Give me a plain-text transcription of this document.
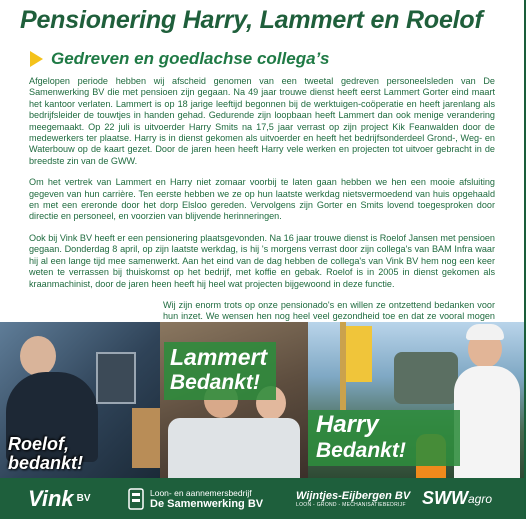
Pensionering Harry, Lammert en Roelof
Gedreven en goedlachse collega’s

Afgelopen periode hebben wij afscheid genomen van een tweetal gedreven personeelsleden van De Samenwerking BV die met pensioen zijn gegaan. Na 49 jaar trouwe dienst heeft eerst Lammert Gorter eind maart het kantoor verlaten. Lammert is op 18 jarige leeftijd begonnen bij de werktuigen-coöperatie en heeft jarenlang als bedrijfsleider de touwtjes in handen gehad. Gedurende zijn loopbaan heeft Lammert dan ook menige verandering meegemaakt. Op 22 juli is uitvoerder Harry Smits na 17,5 jaar verrast op zijn project Kik Feanwalden door de medewerkers ter plaatse. Harry is in dienst gekomen als uitvoerder en heeft het bedrijfsonderdeel Grond-, Weg- en Waterbouw op de kaart gezet. Door de jaren heen heeft Harry vele werken en projecten tot uitvoer gebracht in de breedste zin van de GWW.

Om het vertrek van Lammert en Harry niet zomaar voorbij te laten gaan hebben we hen een mooie afsluiting gegeven van hun carrière. Ten eerste hebben we ze op hun laatste werkdag nietsvermoedend van huis opgehaald en met een ereronde door het dorp Elsloo gereden. Vervolgens zijn Gorter en Smits lovend toegesproken door directie en personeel, en voorzien van blijvende herinneringen.

Ook bij Vink BV heeft er een pensionering plaatsgevonden. Na 16 jaar trouwe dienst is Roelof Jansen met pensioen gegaan. Donderdag 8 april, op zijn laatste werkdag, is hij 's morgens verrast door zijn collega's van BAM Infra waar hij al een lange tijd mee samenwerkt. Aan het eind van de dag hebben de collega's van Vink BV hem nog een keer weten te verrassen bij thuiskomst op het bedrijf, met koffie en gebak. Roelof is in 2005 in dienst gekomen als kraanmachinist, door de jaren heen heeft hij heel wat projecten bijgewoond in deze functie.

Wij zijn enorm trots op onze pensionado's en willen ze ontzettend bedanken voor hun inzet. We wensen hen nog heel veel gezondheid toe en dat ze vooral mogen

Roelof,
bedankt!
Lammert
Bedankt!
Harry
Bedankt!
Vink BV
Loon- en aannemersbedrijf
De Samenwerking BV
Wijntjes-Eijbergen BV
LOON - GROND - MECHANISATIEBEDRIJF SWW agro
